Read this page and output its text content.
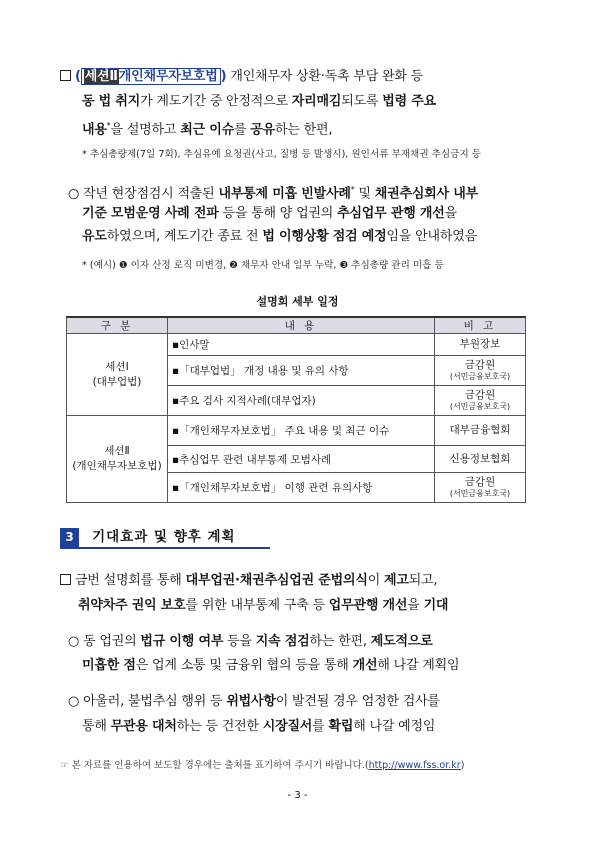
( 세션Ⅱ개인채무자보호법 ) 개인채무자 상환·독촉 부담 완화 등
동 법 취지가 계도기간 중 안정적으로 자리매김되도록 법령 주요
내용*을 설명하고 최근 이슈를 공유하는 한편,
* 추심총량제(7일 7회), 추심유예 요청권(사고, 질병 등 발생시), 원인서류 부재채권 추심금지 등
○ 작년 현장점검시 적출된 내부통제 미흡 빈발사례* 및 채권추심회사 내부
기준 모범운영 사례 전파 등을 통해 양 업권의 추심업무 관행 개선을
유도하였으며, 계도기간 종료 전 법 이행상황 점검 예정임을 안내하였음
* (예시) ❶ 이자 산정 로직 미변경, ❷ 채무자 안내 일부 누락, ❸ 추심총량 관리 미흡 등
설명회 세부 일정
구 분	내 용	비 고
세션Ⅰ
(대부업법)	▪인사말	부원장보
	▪「대부업법」 개정 내용 및 유의 사항	금감원
(서민금융보호국)
	▪주요 검사 지적사례(대부업자)	금감원
(서민금융보호국)
세션Ⅱ
(개인채무자보호법)	▪「개인채무자보호법」 주요 내용 및 최근 이슈	대부금융협회
	▪추심업무 관련 내부통제 모범사례	신용정보협회
	▪「개인채무자보호법」 이행 관련 유의사항	금감원
(서민금융보호국)
3 기대효과 및 향후 계획
금번 설명회를 통해 대부업권·채권추심업권 준법의식이 제고되고,
취약차주 권익 보호를 위한 내부통제 구축 등 업무관행 개선을 기대
○ 동 업권의 법규 이행 여부 등을 지속 점검하는 한편, 제도적으로
미흡한 점은 업계 소통 및 금융위 협의 등을 통해 개선해 나갈 계획임
○ 아울러, 불법추심 행위 등 위법사항이 발견될 경우 엄정한 검사를
통해 무관용 대처하는 등 건전한 시장질서를 확립해 나갈 예정임
☞ 본 자료를 인용하여 보도할 경우에는 출처를 표기하여 주시기 바랍니다.(http://www.fss.or.kr)
- 3 -
